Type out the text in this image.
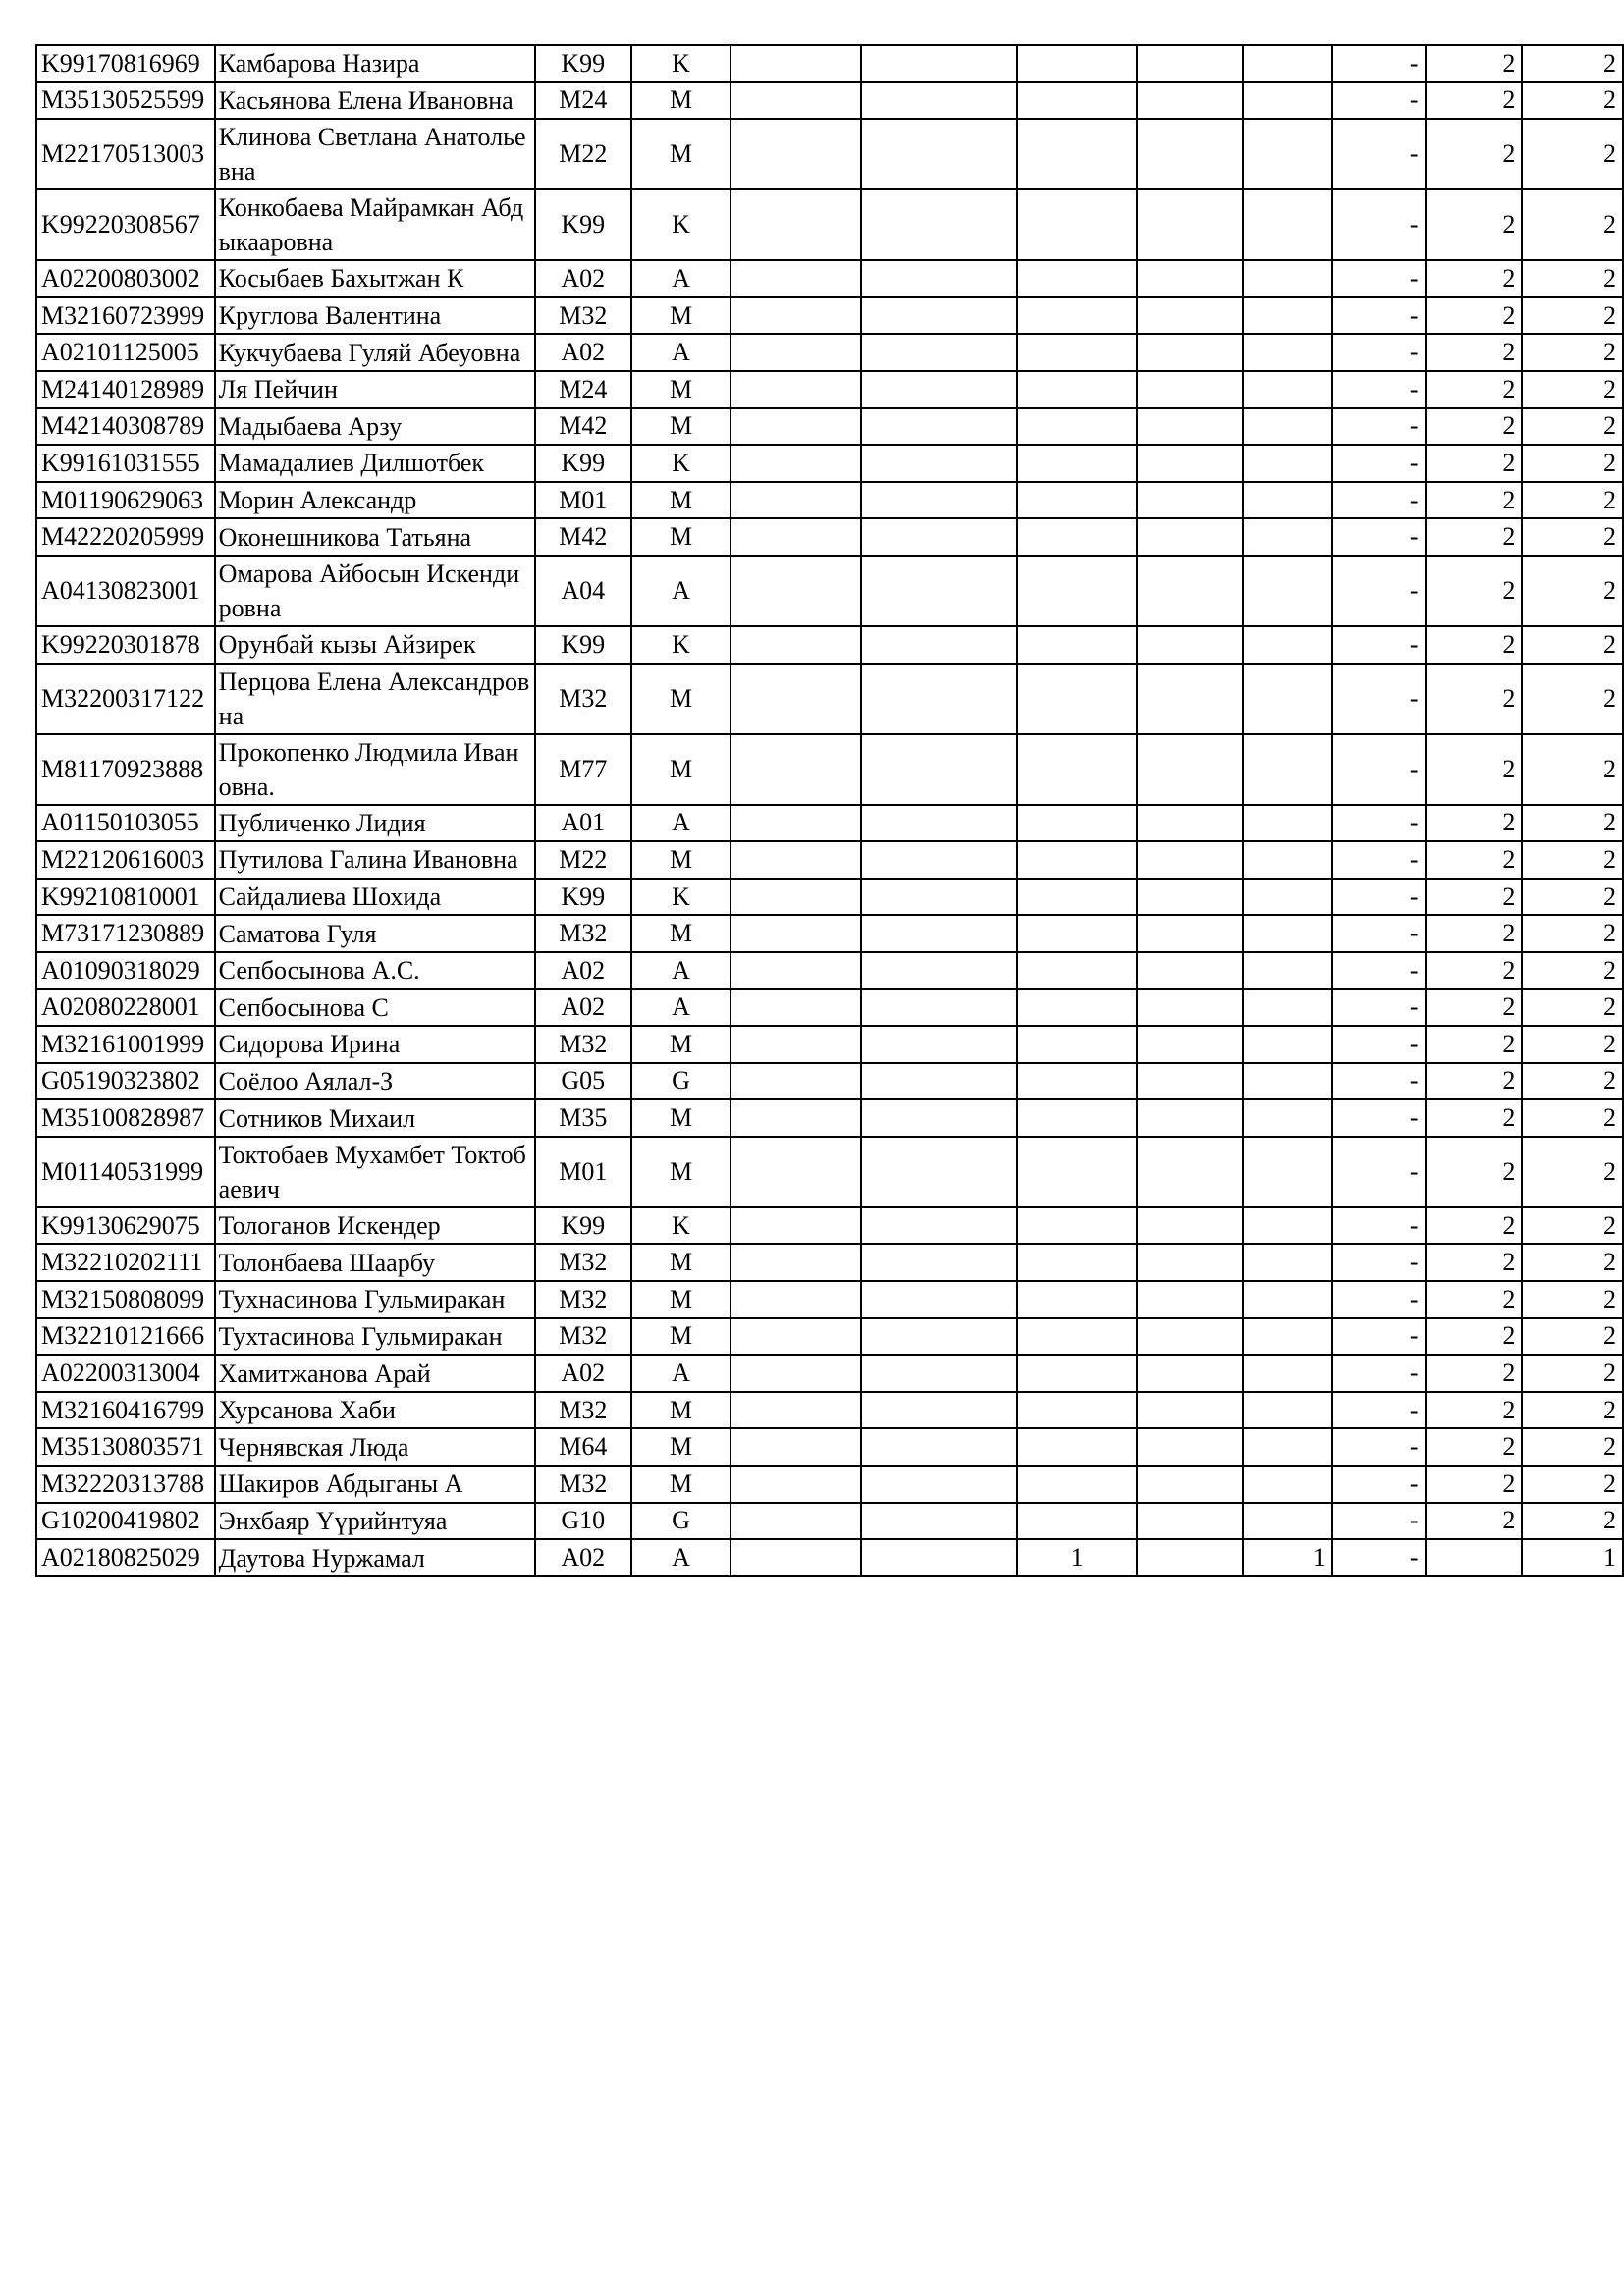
K99170816969	Камбарова Назира	K99	K						-	2	2
M35130525599	Касьянова Елена Ивановна	M24	M						-	2	2
M22170513003	Клинова Светлана Анатольевна	M22	M						-	2	2
K99220308567	Конкобаева Майрамкан Абдыкааровна	K99	K						-	2	2
A02200803002	Косыбаев Бахытжан К	A02	A						-	2	2
M32160723999	Круглова Валентина	M32	M						-	2	2
A02101125005	Кукчубаева Гуляй Абеуовна	A02	A						-	2	2
M24140128989	Ля Пейчин	M24	M						-	2	2
M42140308789	Мадыбаева Арзу	M42	M						-	2	2
K99161031555	Мамадалиев Дилшотбек	K99	K						-	2	2
M01190629063	Морин Александр	M01	M						-	2	2
M42220205999	Оконешникова Татьяна	M42	M						-	2	2
A04130823001	Омарова Айбосын Искендировна	A04	A						-	2	2
K99220301878	Орунбай кызы Айзирек	K99	K						-	2	2
M32200317122	Перцова Елена Александровна	M32	M						-	2	2
M81170923888	Прокопенко Людмила Ивановна.	M77	M						-	2	2
A01150103055	Публиченко Лидия	A01	A						-	2	2
M22120616003	Путилова Галина Ивановна	M22	M						-	2	2
K99210810001	Сайдалиева Шохида	K99	K						-	2	2
M73171230889	Саматова Гуля	M32	M						-	2	2
A01090318029	Сепбосынова А.С.	A02	A						-	2	2
A02080228001	Сепбосынова С	A02	A						-	2	2
M32161001999	Сидорова Ирина	M32	M						-	2	2
G05190323802	Соёлоо Аялал-З	G05	G						-	2	2
M35100828987	Сотников Михаил	M35	M						-	2	2
M01140531999	Токтобаев Мухамбет Токтобаевич	M01	M						-	2	2
K99130629075	Тологанов Искендер	K99	K						-	2	2
M32210202111	Толонбаева Шаарбу	M32	M						-	2	2
M32150808099	Тухнасинова Гульмиракан	M32	M						-	2	2
M32210121666	Тухтасинова Гульмиракан	M32	M						-	2	2
A02200313004	Хамитжанова Арай	A02	A						-	2	2
M32160416799	Хурсанова Хаби	M32	M						-	2	2
M35130803571	Чернявская Люда	M64	M						-	2	2
M32220313788	Шакиров Абдыганы А	M32	M						-	2	2
G10200419802	Энхбаяр Үүрийнтуяа	G10	G						-	2	2
A02180825029	Даутова Нуржамал	A02	A			1		1	-		1
